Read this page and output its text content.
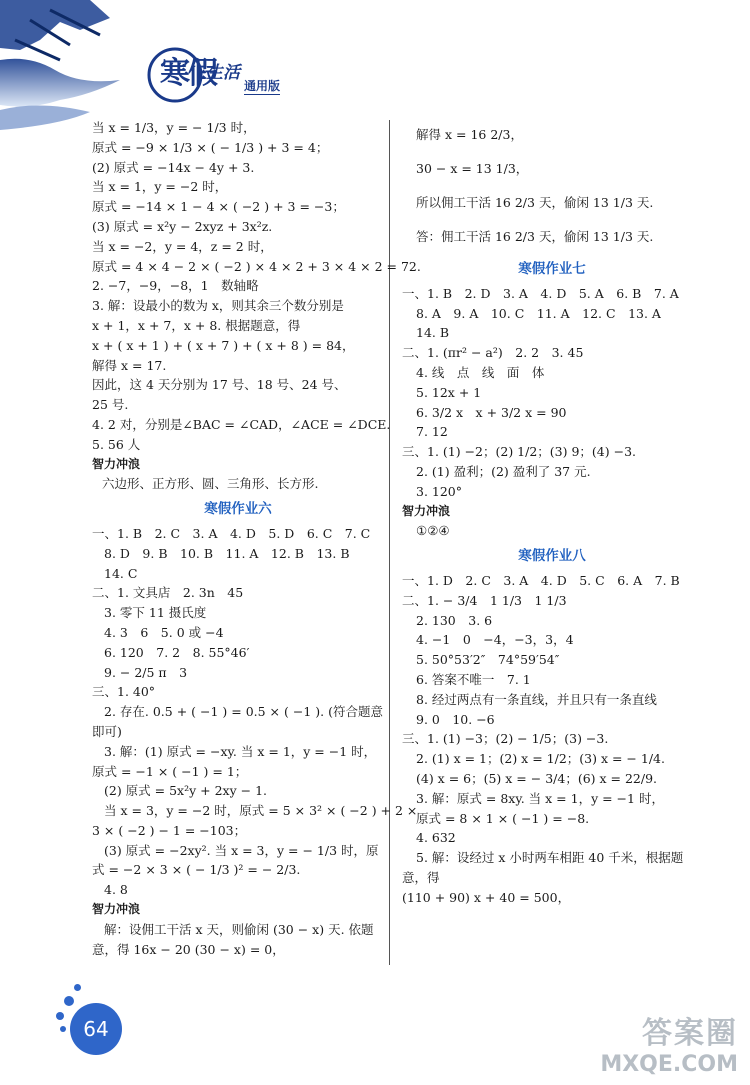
寒假
生活
通用版
当 x = 1/3，y = − 1/3 时，
原式 = −9 × 1/3 × ( − 1/3 ) + 3 = 4；
(2) 原式 = −14x − 4y + 3.
当 x = 1，y = −2 时，
原式 = −14 × 1 − 4 × ( −2 ) + 3 = −3；
(3) 原式 = x²y − 2xyz + 3x²z.
当 x = −2，y = 4，z = 2 时，
原式 = 4 × 4 − 2 × ( −2 ) × 4 × 2 + 3 × 4 × 2 = 72.
2. −7，−9，−8，1　数轴略
3. 解：设最小的数为 x，则其余三个数分别是
x + 1，x + 7，x + 8. 根据题意，得
x + ( x + 1 ) + ( x + 7 ) + ( x + 8 ) = 84，
解得 x = 17.
因此，这 4 天分别为 17 号、18 号、24 号、
25 号.
4. 2 对，分别是∠BAC = ∠CAD，∠ACE = ∠DCE.
5. 56 人
智力冲浪
六边形、正方形、圆、三角形、长方形.
寒假作业六
一、1. B　2. C　3. A　4. D　5. D　6. C　7. C
8. D　9. B　10. B　11. A　12. B　13. B
14. C
二、1. 文具店　2. 3n　45
3. 零下 11 摄氏度
4. 3　6　5. 0 或 −4
6. 120　7. 2　8. 55°46′
9. − 2/5 π　3
三、1. 40°
2. 存在. 0.5 + ( −1 ) = 0.5 × ( −1 ). (符合题意
即可)
3. 解：(1) 原式 = −xy. 当 x = 1，y = −1 时，
原式 = −1 × ( −1 ) = 1；
(2) 原式 = 5x²y + 2xy − 1.
当 x = 3，y = −2 时，原式 = 5 × 3² × ( −2 ) + 2 ×
3 × ( −2 ) − 1 = −103；
(3) 原式 = −2xy². 当 x = 3，y = − 1/3 时，原
式 = −2 × 3 × ( − 1/3 )² = − 2/3.
4. 8
智力冲浪
解：设佣工干活 x 天，则偷闲 (30 − x) 天. 依题
意，得 16x − 20 (30 − x) = 0，
解得 x = 16 2/3，
30 − x = 13 1/3，
所以佣工干活 16 2/3 天，偷闲 13 1/3 天.
答：佣工干活 16 2/3 天，偷闲 13 1/3 天.
寒假作业七
一、1. B　2. D　3. A　4. D　5. A　6. B　7. A
8. A　9. A　10. C　11. A　12. C　13. A
14. B
二、1. (πr² − a²)　2. 2　3. 45
4. 线　点　线　面　体
5. 12x + 1
6. 3/2 x　x + 3/2 x = 90
7. 12
三、1. (1) −2；(2) 1/2；(3) 9；(4) −3.
2. (1) 盈利；(2) 盈利了 37 元.
3. 120°
智力冲浪
①②④
寒假作业八
一、1. D　2. C　3. A　4. D　5. C　6. A　7. B
二、1. − 3/4　1 1/3　1 1/3
2. 130　3. 6
4. −1　0　−4，−3，3，4
5. 50°53′2″　74°59′54″
6. 答案不唯一　7. 1
8. 经过两点有一条直线，并且只有一条直线
9. 0　10. −6
三、1. (1) −3；(2) − 1/5；(3) −3.
2. (1) x = 1；(2) x = 1/2；(3) x = − 1/4.
(4) x = 6；(5) x = − 3/4；(6) x = 22/9.
3. 解：原式 = 8xy. 当 x = 1，y = −1 时，
原式 = 8 × 1 × ( −1 ) = −8.
4. 632
5. 解：设经过 x 小时两车相距 40 千米，根据题
意，得
(110 + 90) x + 40 = 500，
64	答案圈
MXQE.COM
